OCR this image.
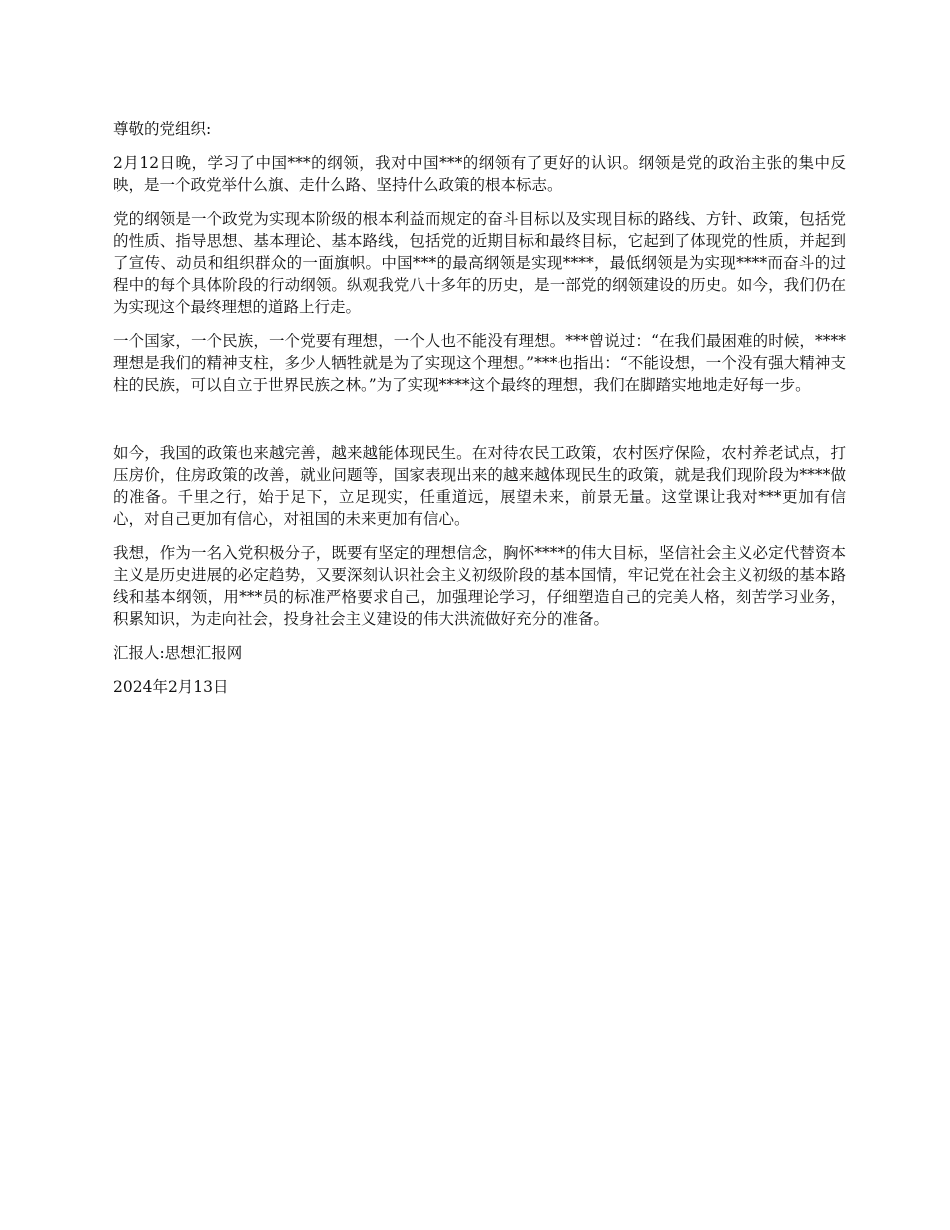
尊敬的党组织:

2月12日晚，学习了中国***的纲领，我对中国***的纲领有了更好的认识。纲领是党的政治主张的集中反映，是一个政党举什么旗、走什么路、坚持什么政策的根本标志。

党的纲领是一个政党为实现本阶级的根本利益而规定的奋斗目标以及实现目标的路线、方针、政策，包括党的性质、指导思想、基本理论、基本路线，包括党的近期目标和最终目标，它起到了体现党的性质，并起到了宣传、动员和组织群众的一面旗帜。中国***的最高纲领是实现****，最低纲领是为实现****而奋斗的过程中的每个具体阶段的行动纲领。纵观我党八十多年的历史，是一部党的纲领建设的历史。如今，我们仍在为实现这个最终理想的道路上行走。

一个国家，一个民族，一个党要有理想，一个人也不能没有理想。***曾说过：“在我们最困难的时候，****理想是我们的精神支柱，多少人牺牲就是为了实现这个理想。”***也指出：“不能设想，一个没有强大精神支柱的民族，可以自立于世界民族之林。”为了实现****这个最终的理想，我们在脚踏实地地走好每一步。

如今，我国的政策也来越完善，越来越能体现民生。在对待农民工政策，农村医疗保险，农村养老试点，打压房价，住房政策的改善，就业问题等，国家表现出来的越来越体现民生的政策，就是我们现阶段为****做的准备。千里之行，始于足下，立足现实，任重道远，展望未来，前景无量。这堂课让我对***更加有信心，对自己更加有信心，对祖国的未来更加有信心。

我想，作为一名入党积极分子，既要有坚定的理想信念，胸怀****的伟大目标，坚信社会主义必定代替资本主义是历史进展的必定趋势，又要深刻认识社会主义初级阶段的基本国情，牢记党在社会主义初级的基本路线和基本纲领，用***员的标准严格要求自己，加强理论学习，仔细塑造自己的完美人格，刻苦学习业务，积累知识，为走向社会，投身社会主义建设的伟大洪流做好充分的准备。

汇报人:思想汇报网

2024年2月13日
